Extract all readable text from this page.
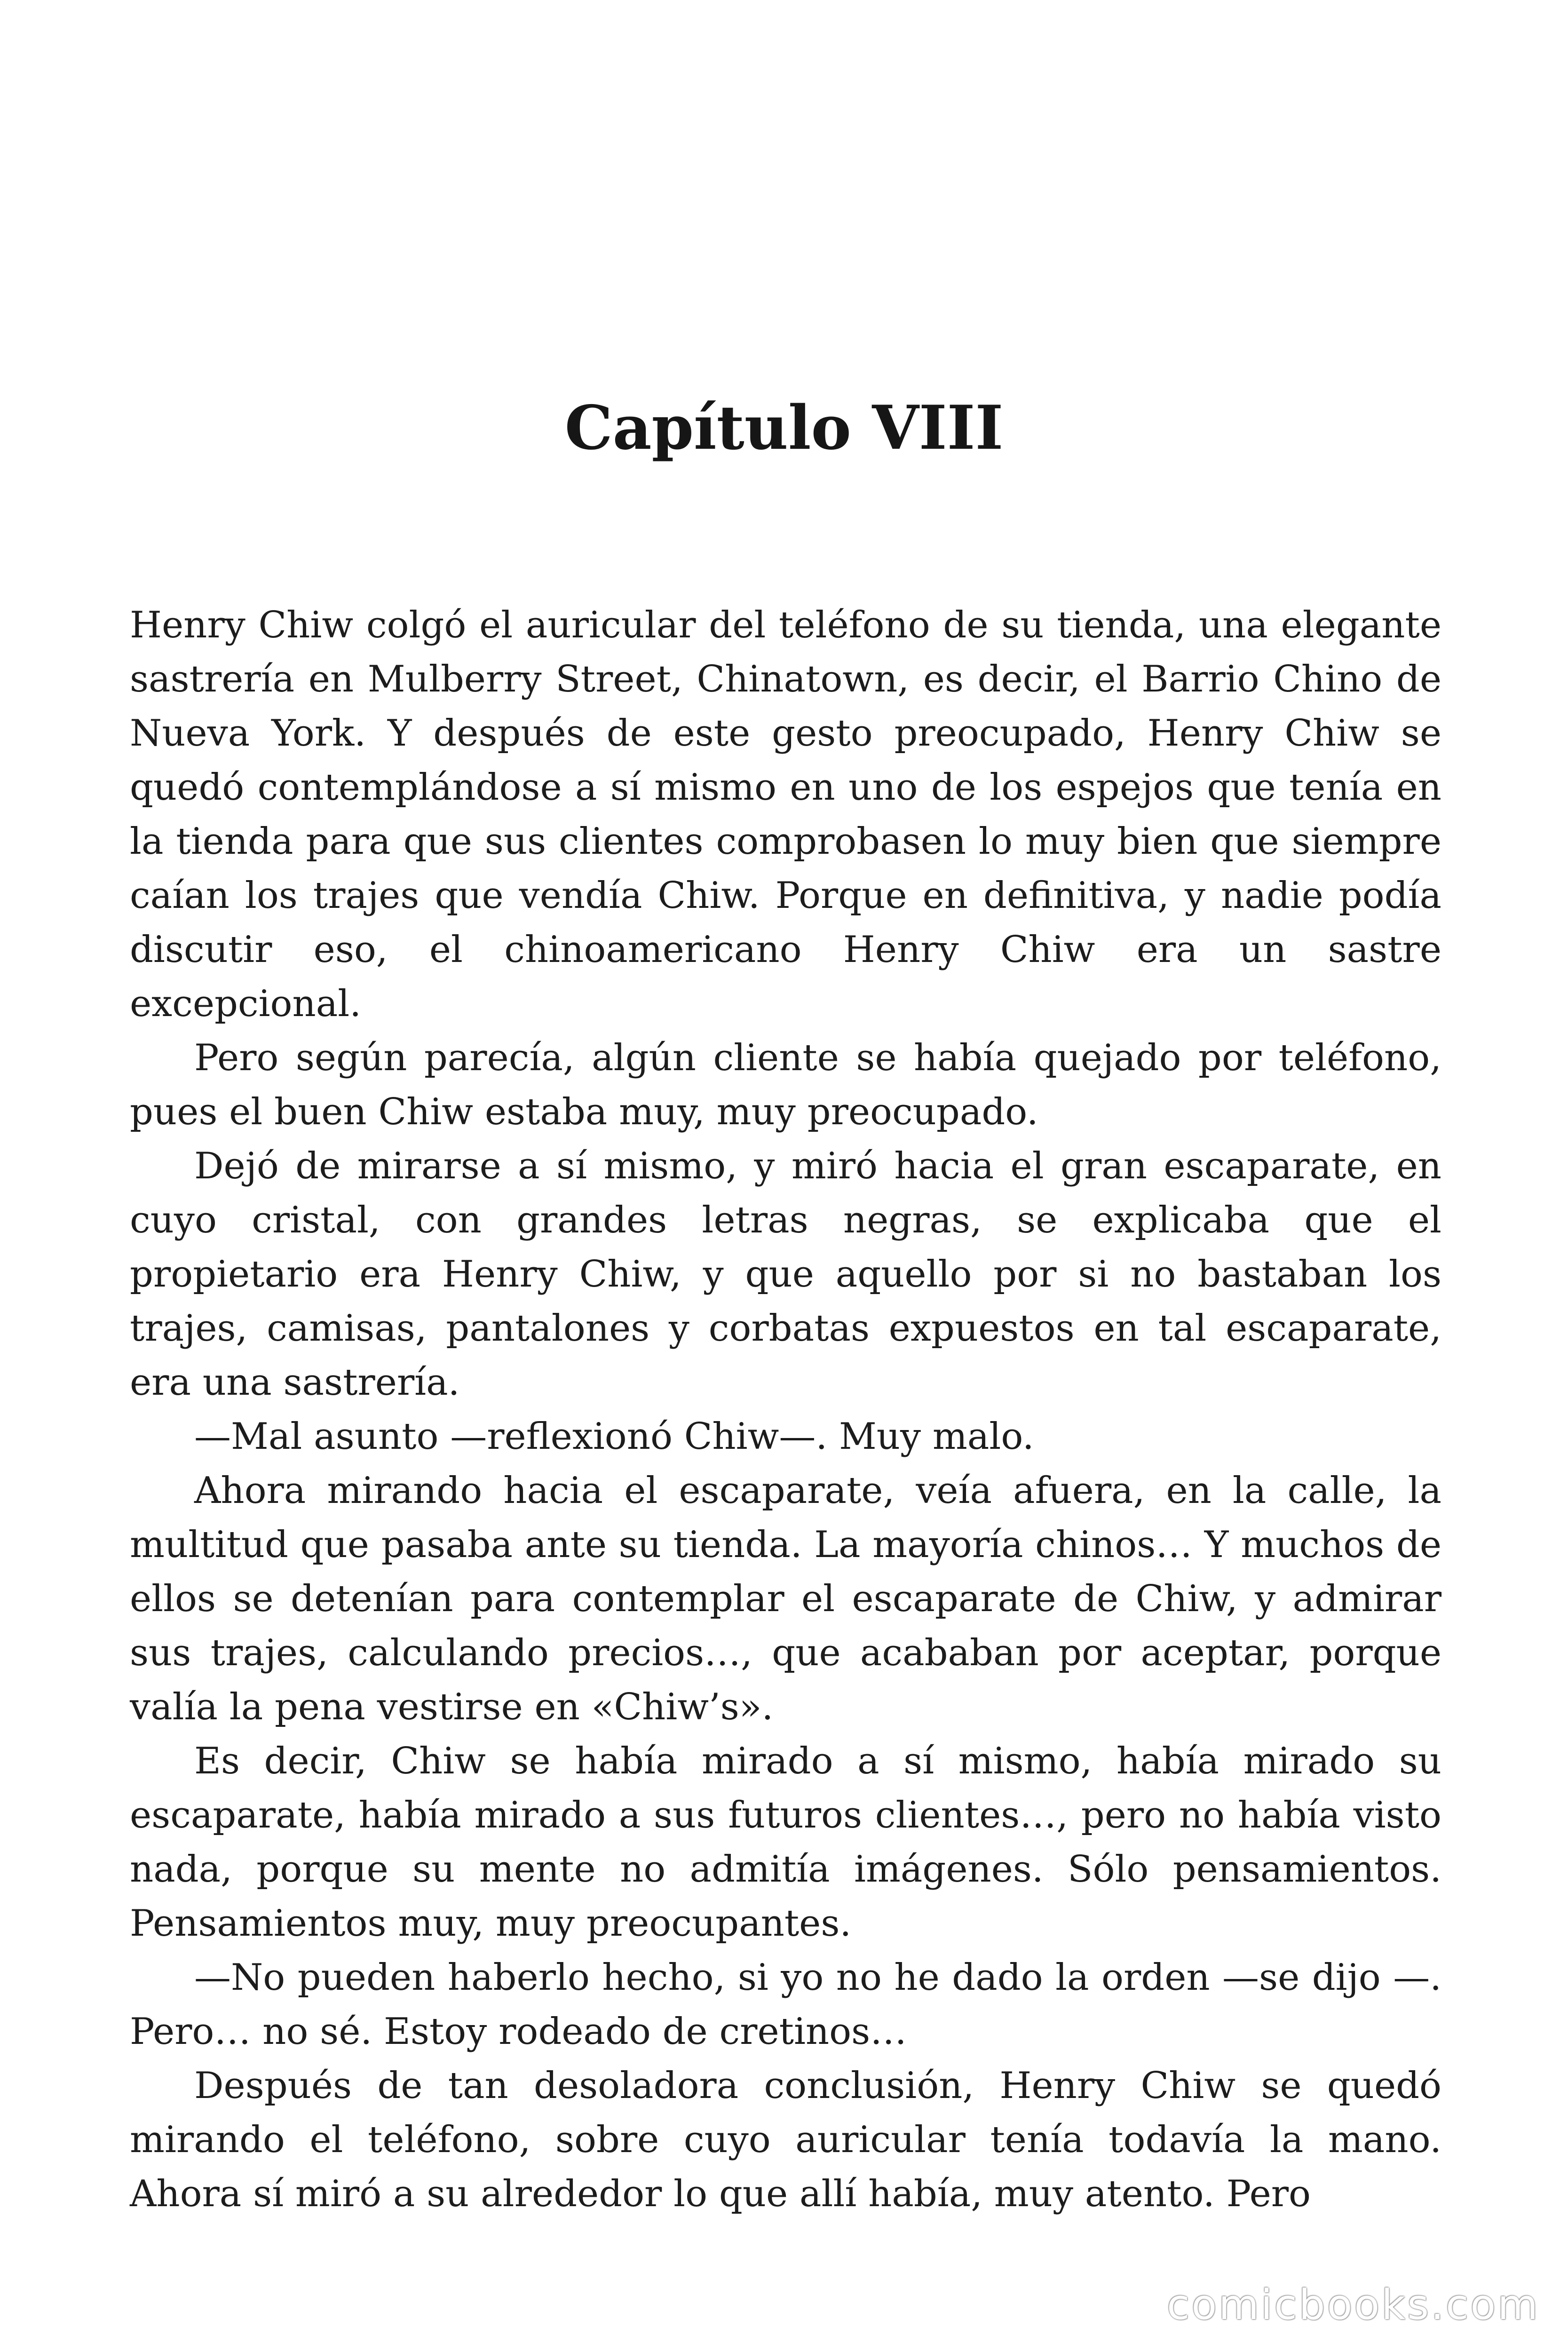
Capítulo VIII

Henry Chiw colgó el auricular del teléfono de su tienda, una elegante sastrería en Mulberry Street, Chinatown, es decir, el Barrio Chino de Nueva York. Y después de este gesto preocupado, Henry Chiw se quedó contemplándose a sí mismo en uno de los espejos que tenía en la tienda para que sus clientes comprobasen lo muy bien que siempre caían los trajes que vendía Chiw. Porque en definitiva, y nadie podía discutir eso, el chinoamericano Henry Chiw era un sastre excepcional.

Pero según parecía, algún cliente se había quejado por teléfono, pues el buen Chiw estaba muy, muy preocupado.

Dejó de mirarse a sí mismo, y miró hacia el gran escaparate, en cuyo cristal, con grandes letras negras, se explicaba que el propietario era Henry Chiw, y que aquello por si no bastaban los trajes, camisas, pantalones y corbatas expuestos en tal escaparate, era una sastrería.

—Mal asunto —reflexionó Chiw—. Muy malo.

Ahora mirando hacia el escaparate, veía afuera, en la calle, la multitud que pasaba ante su tienda. La mayoría chinos… Y muchos de ellos se detenían para contemplar el escaparate de Chiw, y admirar sus trajes, calculando precios…, que acababan por aceptar, porque valía la pena vestirse en «Chiw’s».

Es decir, Chiw se había mirado a sí mismo, había mirado su escaparate, había mirado a sus futuros clientes…, pero no había visto nada, porque su mente no admitía imágenes. Sólo pensamientos. Pensamientos muy, muy preocupantes.

—No pueden haberlo hecho, si yo no he dado la orden —se dijo —. Pero… no sé. Estoy rodeado de cretinos…

Después de tan desoladora conclusión, Henry Chiw se quedó mirando el teléfono, sobre cuyo auricular tenía todavía la mano. Ahora sí miró a su alrededor lo que allí había, muy atento. Pero

comicbooks.com
